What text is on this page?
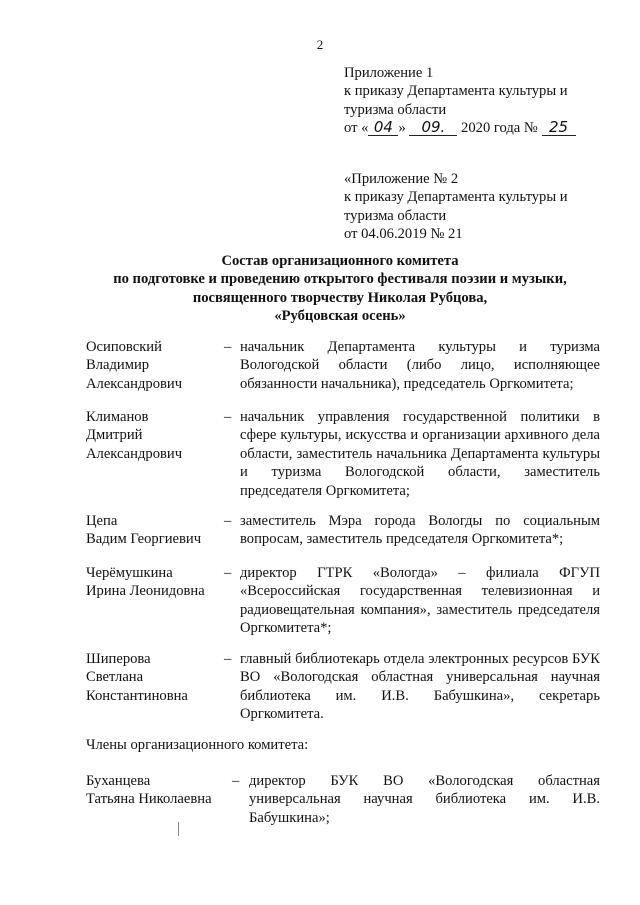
2
Приложение 1
к приказу Департамента культуры и
туризма области
от « 04 » 09. 2020 года № 25
«Приложение № 2
к приказу Департамента культуры и
туризма области
от 04.06.2019 № 21
Состав организационного комитета
по подготовке и проведению открытого фестиваля поэзии и музыки,
посвященного творчеству Николая Рубцова,
«Рубцовская осень»
Осиповский
Владимир
Александрович
– начальник Департамента культуры и туризма Вологодской области (либо лицо, исполняющее обязанности начальника), председатель Оргкомитета;
Климанов
Дмитрий
Александрович
– начальник управления государственной политики в сфере культуры, искусства и организации архивного дела области, заместитель начальника Департамента культуры и туризма Вологодской области, заместитель председателя Оргкомитета;
Цепа
Вадим Георгиевич
– заместитель Мэра города Вологды по социальным вопросам, заместитель председателя Оргкомитета*;
Черёмушкина
Ирина Леонидовна
– директор ГТРК «Вологда» – филиала ФГУП «Всероссийская государственная телевизионная и радиовещательная компания», заместитель председателя Оргкомитета*;
Шиперова
Светлана
Константиновна
– главный библиотекарь отдела электронных ресурсов БУК ВО «Вологодская областная универсальная научная библиотека им. И.В. Бабушкина», секретарь Оргкомитета.
Члены организационного комитета:
Буханцева
Татьяна Николаевна
– директор БУК ВО «Вологодская областная универсальная научная библиотека им. И.В. Бабушкина»;
